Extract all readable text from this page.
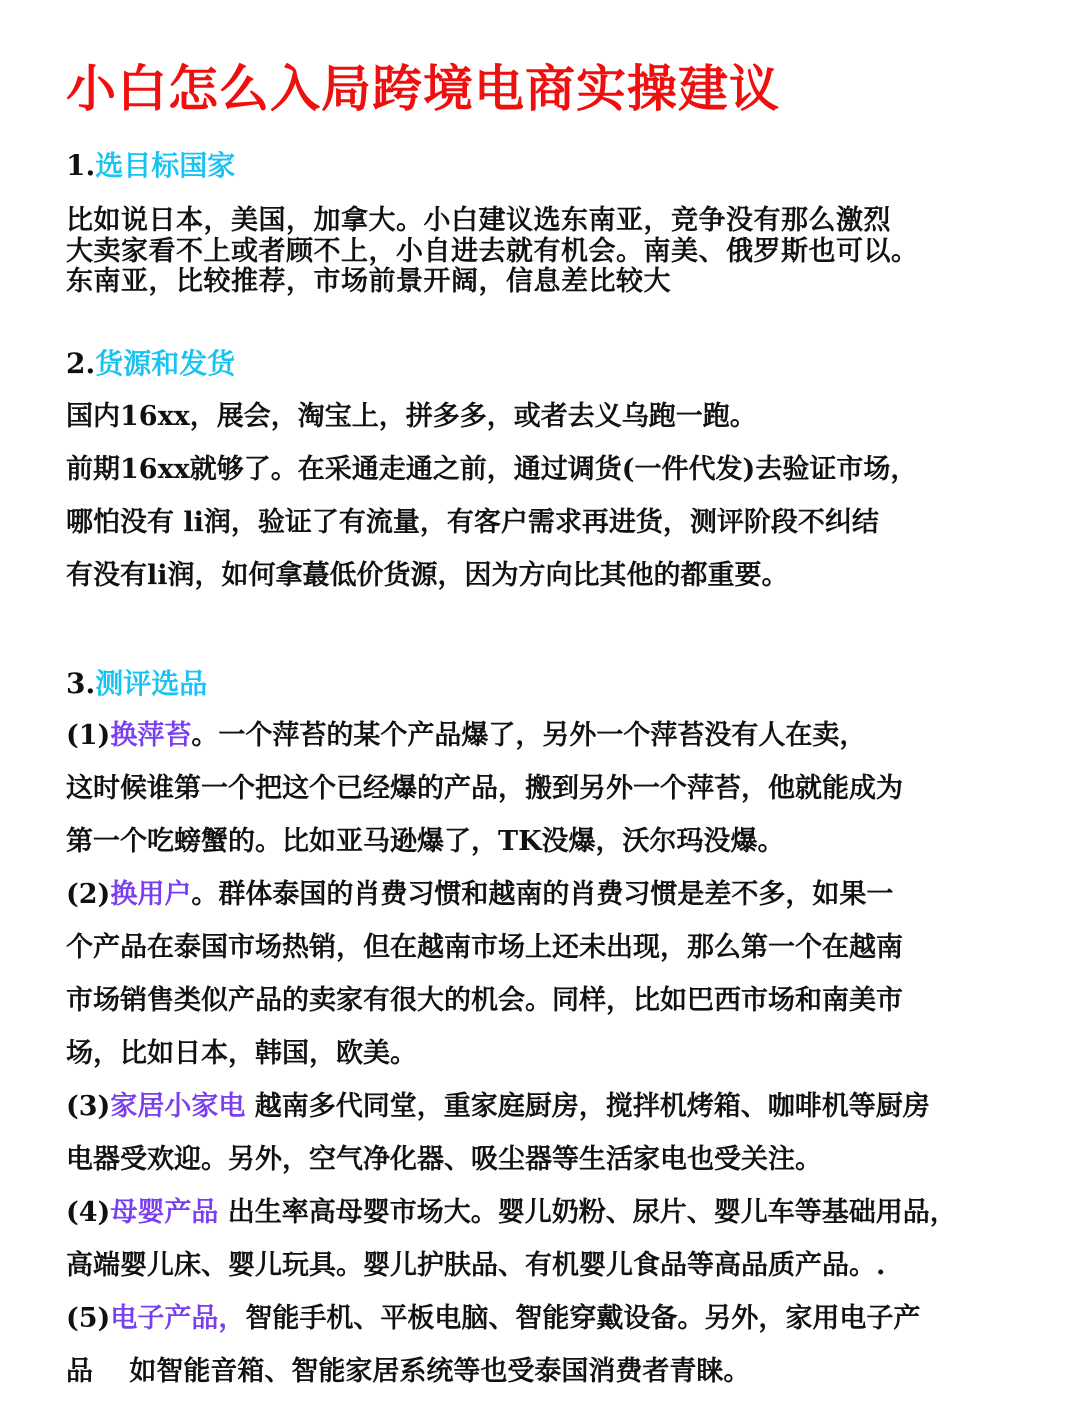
小白怎么入局跨境电商实操建议
1.选目标国家
比如说日本，美国，加拿大。小白建议选东南亚，竞争没有那么激烈
大卖家看不上或者顾不上，小自进去就有机会。南美、俄罗斯也可以。
东南亚，比较推荐，市场前景开阔，信息差比较大
2.货源和发货
国内16xx，展会，淘宝上，拼多多，或者去义乌跑一跑。
前期16xx就够了。在采通走通之前，通过调货(一件代发)去验证市场，
哪怕没有 li润，验证了有流量，有客户需求再进货，测评阶段不纠结
有没有li润，如何拿蕞低价货源，因为方向比其他的都重要。
3.测评选品
(1)换萍苔。一个萍苔的某个产品爆了，另外一个萍苔没有人在卖，
这时候谁第一个把这个已经爆的产品，搬到另外一个萍苔，他就能成为
第一个吃螃蟹的。比如亚马逊爆了，TK没爆，沃尔玛没爆。
(2)换用户。群体泰国的肖费习惯和越南的肖费习惯是差不多，如果一
个产品在泰国市场热销，但在越南市场上还未出现，那么第一个在越南
市场销售类似产品的卖家有很大的机会。同样，比如巴西市场和南美市
场，比如日本，韩国，欧美。
(3)家居小家电 越南多代同堂，重家庭厨房，搅拌机烤箱、咖啡机等厨房
电器受欢迎。另外，空气净化器、吸尘器等生活家电也受关注。
(4)母婴产品 出生率高母婴市场大。婴儿奶粉、尿片、婴儿车等基础用品，
高端婴儿床、婴儿玩具。婴儿护肤品、有机婴儿食品等高品质产品。.
(5)电子产品，智能手机、平板电脑、智能穿戴设备。另外，家用电子产
品　 如智能音箱、智能家居系统等也受泰国消费者青睐。
